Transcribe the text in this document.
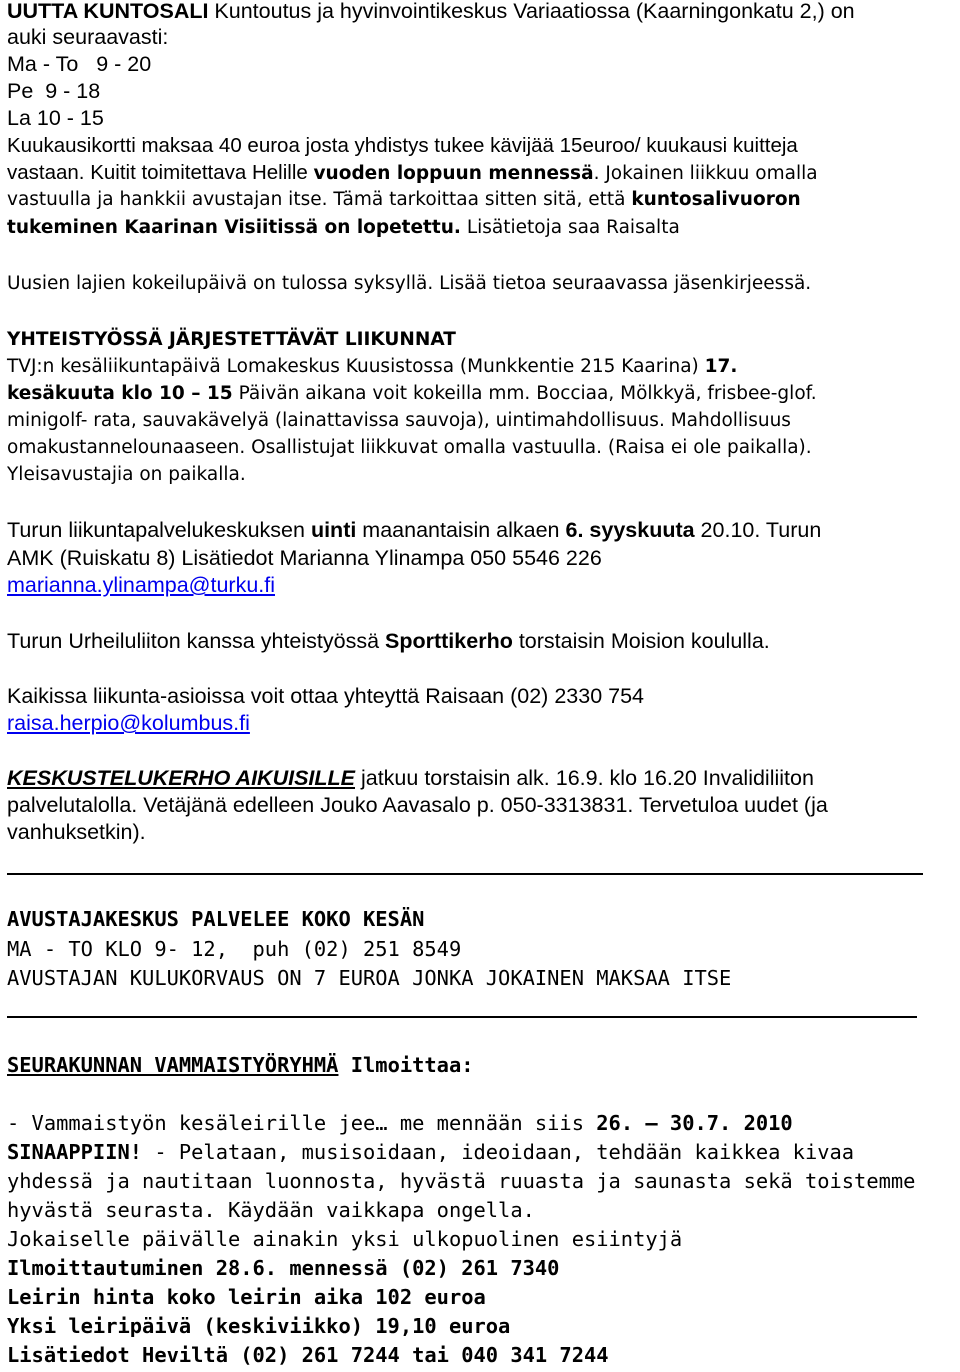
UUTTA KUNTOSALI Kuntoutus ja hyvinvointikeskus Variaatiossa (Kaarningonkatu 2,) on

auki seuraavasti:

Ma - To   9 - 20

Pe  9 - 18

La 10 - 15

Kuukausikortti maksaa 40 euroa josta yhdistys tukee kävijää 15euroo/ kuukausi kuitteja

vastaan. Kuitit toimitettava Helille vuoden loppuun mennessä. Jokainen liikkuu omalla

vastuulla ja hankkii avustajan itse. Tämä tarkoittaa sitten sitä, että kuntosalivuoron

tukeminen Kaarinan Visiitissä on lopetettu. Lisätietoja saa Raisalta

Uusien lajien kokeilupäivä on tulossa syksyllä. Lisää tietoa seuraavassa jäsenkirjeessä.

YHTEISTYÖSSÄ JÄRJESTETTÄVÄT LIIKUNNAT

TVJ:n kesäliikuntapäivä Lomakeskus Kuusistossa (Munkkentie 215 Kaarina) 17.

kesäkuuta klo 10 – 15 Päivän aikana voit kokeilla mm. Bocciaa, Mölkkyä, frisbee-glof.

minigolf- rata, sauvakävelyä (lainattavissa sauvoja), uintimahdollisuus. Mahdollisuus

omakustannelounaaseen. Osallistujat liikkuvat omalla vastuulla. (Raisa ei ole paikalla).

Yleisavustajia on paikalla.

Turun liikuntapalvelukeskuksen uinti maanantaisin alkaen 6. syyskuuta 20.10. Turun

AMK (Ruiskatu 8) Lisätiedot Marianna Ylinampa 050 5546 226

marianna.ylinampa@turku.fi

Turun Urheiluliiton kanssa yhteistyössä Sporttikerho torstaisin Moision koululla.

Kaikissa liikunta-asioissa voit ottaa yhteyttä Raisaan (02) 2330 754

raisa.herpio@kolumbus.fi

KESKUSTELUKERHO AIKUISILLE jatkuu torstaisin alk. 16.9. klo 16.20 Invalidiliiton

palvelutalolla. Vetäjänä edelleen Jouko Aavasalo p. 050-3313831. Tervetuloa uudet (ja

vanhuksetkin).

AVUSTAJAKESKUS PALVELEE KOKO KESÄN

MA - TO KLO 9- 12,  puh (02) 251 8549

AVUSTAJAN KULUKORVAUS ON 7 EUROA JONKA JOKAINEN MAKSAA ITSE

SEURAKUNNAN VAMMAISTYÖRYHMÄ Ilmoittaa:

- Vammaistyön kesäleirille jee… me mennään siis 26. – 30.7. 2010

SINAAPPIIN! - Pelataan, musisoidaan, ideoidaan, tehdään kaikkea kivaa

yhdessä ja nautitaan luonnosta, hyvästä ruuasta ja saunasta sekä toistemme

hyvästä seurasta. Käydään vaikkapa ongella.

Jokaiselle päivälle ainakin yksi ulkopuolinen esiintyjä

Ilmoittautuminen 28.6. mennessä (02) 261 7340

Leirin hinta koko leirin aika 102 euroa

Yksi leiripäivä (keskiviikko) 19,10 euroa

Lisätiedot Heviltä (02) 261 7244 tai 040 341 7244
